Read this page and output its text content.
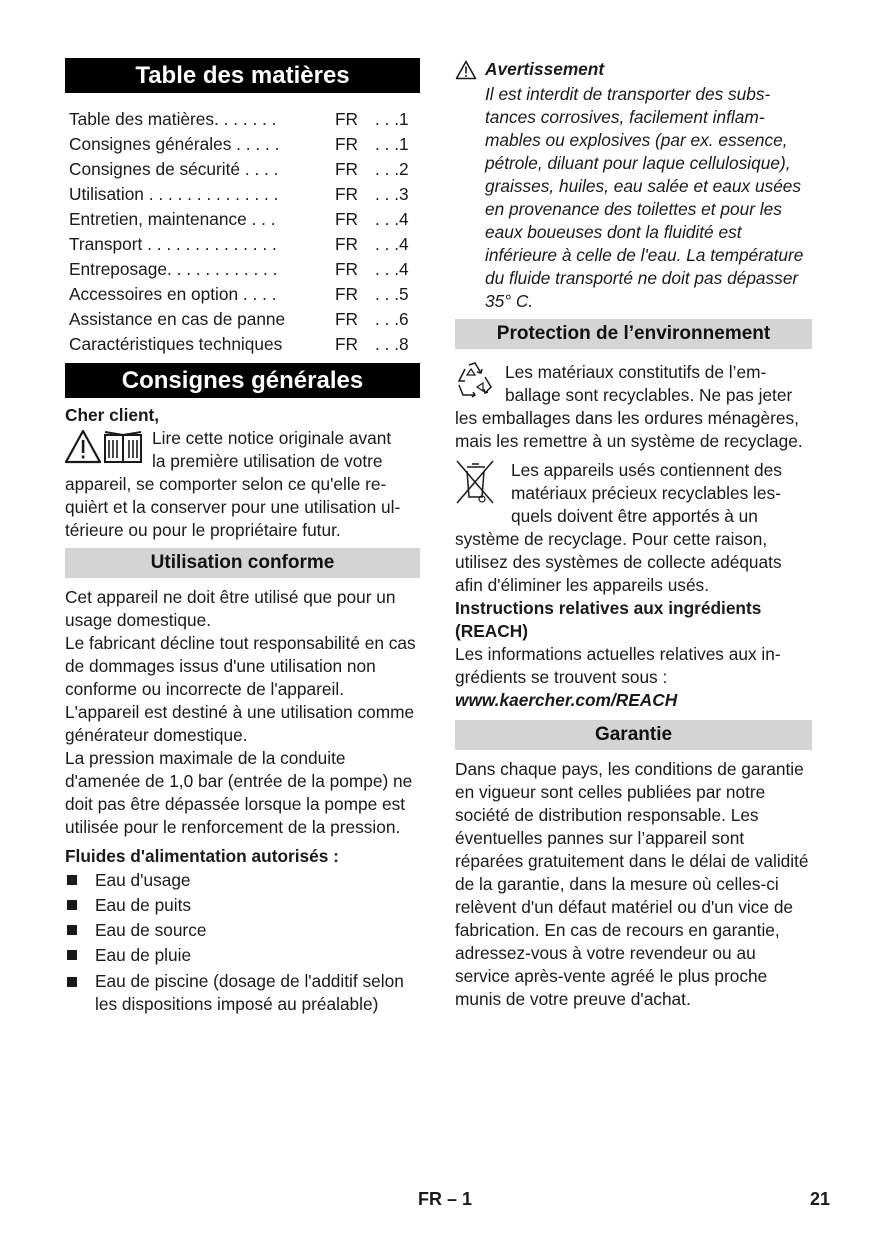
Table des matières
Table des matières. . . . . . .	FR . . .1
Consignes générales . . . . .	FR . . .1
Consignes de sécurité . . . .	FR . . .2
Utilisation . . . . . . . . . . . . . .	FR . . .3
Entretien, maintenance . . .	FR . . .4
Transport . . . . . . . . . . . . . .	FR . . .4
Entreposage. . . . . . . . . . . .	FR . . .4
Accessoires en option . . . .	FR . . .5
Assistance en cas de panne	FR . . .6
Caractéristiques techniques	FR . . .8
Consignes générales

Cher client,

Lire cette notice originale avant

la première utilisation de votre

appareil, se comporter selon ce qu'elle requièrt et la conserver pour une utilisation ultérieure ou pour le propriétaire futur.

Utilisation conforme

Cet appareil ne doit être utilisé que pour un usage domestique.

Le fabricant décline tout responsabilité en cas de dommages issus d'une utilisation non conforme ou incorrecte de l'appareil.

L'appareil est destiné à une utilisation comme générateur domestique.

La pression maximale de la conduite d'amenée de 1,0 bar (entrée de la pompe) ne doit pas être dépassée lorsque la pompe est utilisée pour le renforcement de la pression.

Fluides d'alimentation autorisés :

Eau d'usage
Eau de puits
Eau de source
Eau de pluie
Eau de piscine (dosage de l'additif selon les dispositions imposé au préalable)
Avertissement

Il est interdit de transporter des substances corrosives, facilement inflammables ou explosives (par ex. essence, pétrole, diluant pour laque cellulosique), graisses, huiles, eau salée et eaux usées en provenance des toilettes et pour les eaux boueuses dont la fluidité est inférieure à celle de l'eau. La température du fluide transporté ne doit pas dépasser 35° C.

Protection de l’environnement

Les matériaux constitutifs de l’emballage sont recyclables. Ne pas jeter les emballages dans les ordures ménagères, mais les remettre à un système de recyclage.

Les appareils usés contiennent des matériaux précieux recyclables lesquels doivent être apportés à un système de recyclage. Pour cette raison, utilisez des systèmes de collecte adéquats afin d'éliminer les appareils usés.

Instructions relatives aux ingrédients (REACH)

Les informations actuelles relatives aux ingrédients se trouvent sous :

www.kaercher.com/REACH

Garantie

Dans chaque pays, les conditions de garantie en vigueur sont celles publiées par notre société de distribution responsable. Les éventuelles pannes sur l’appareil sont réparées gratuitement dans le délai de validité de la garantie, dans la mesure où celles-ci relèvent d'un défaut matériel ou d'un vice de fabrication. En cas de recours en garantie, adressez-vous à votre revendeur ou au service après-vente agréé le plus proche munis de votre preuve d'achat.

FR – 1	21
